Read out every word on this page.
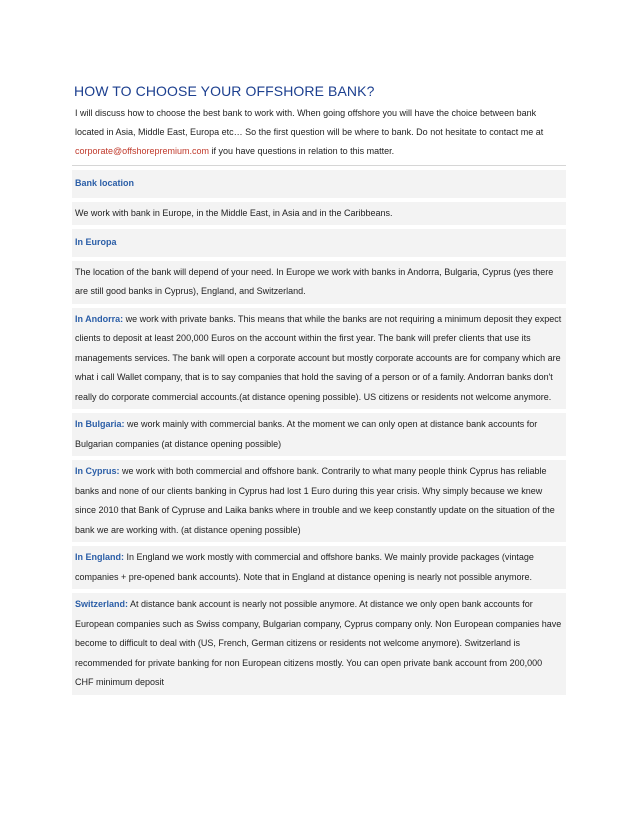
HOW TO CHOOSE YOUR OFFSHORE BANK?
I will discuss how to choose the best bank to work with. When going offshore you will have the choice between bank located in Asia, Middle East, Europa etc… So the first question will be where to bank. Do not hesitate to contact me at corporate@offshorepremium.com if you have questions in relation to this matter.
Bank location
We work with bank in Europe, in the Middle East, in Asia and in the Caribbeans.
In Europa
The location of the bank will depend of your need. In Europe we work with banks in Andorra, Bulgaria, Cyprus (yes there are still good banks in Cyprus), England, and Switzerland.
In Andorra: we work with private banks. This means that while the banks are not requiring a minimum deposit they expect clients to deposit at least 200,000 Euros on the account within the first year. The bank will prefer clients that use its managements services. The bank will open a corporate account but mostly corporate accounts are for company which are what i call Wallet company, that is to say companies that hold the saving of a person or of a family. Andorran banks don't really do corporate commercial accounts.(at distance opening possible). US citizens or residents not welcome anymore.
In Bulgaria: we work mainly with commercial banks. At the moment we can only open at distance bank accounts for Bulgarian companies (at distance opening possible)
In Cyprus: we work with both commercial and offshore bank. Contrarily to what many people think Cyprus has reliable banks and none of our clients banking in Cyprus had lost 1 Euro during this year crisis. Why simply because we knew since 2010 that Bank of Cypruse and Laika banks where in trouble and we keep constantly update on the situation of the bank we are working with. (at distance opening possible)
In England: In England we work mostly with commercial and offshore banks. We mainly provide packages (vintage companies + pre-opened bank accounts). Note that in England at distance opening is nearly not possible anymore.
Switzerland: At distance bank account is nearly not possible anymore. At distance we only open bank accounts for European companies such as Swiss company, Bulgarian company, Cyprus company only. Non European companies have become to difficult to deal with (US, French, German citizens or residents not welcome anymore). Switzerland is recommended for private banking for non European citizens mostly. You can open private bank account from 200,000 CHF minimum deposit
